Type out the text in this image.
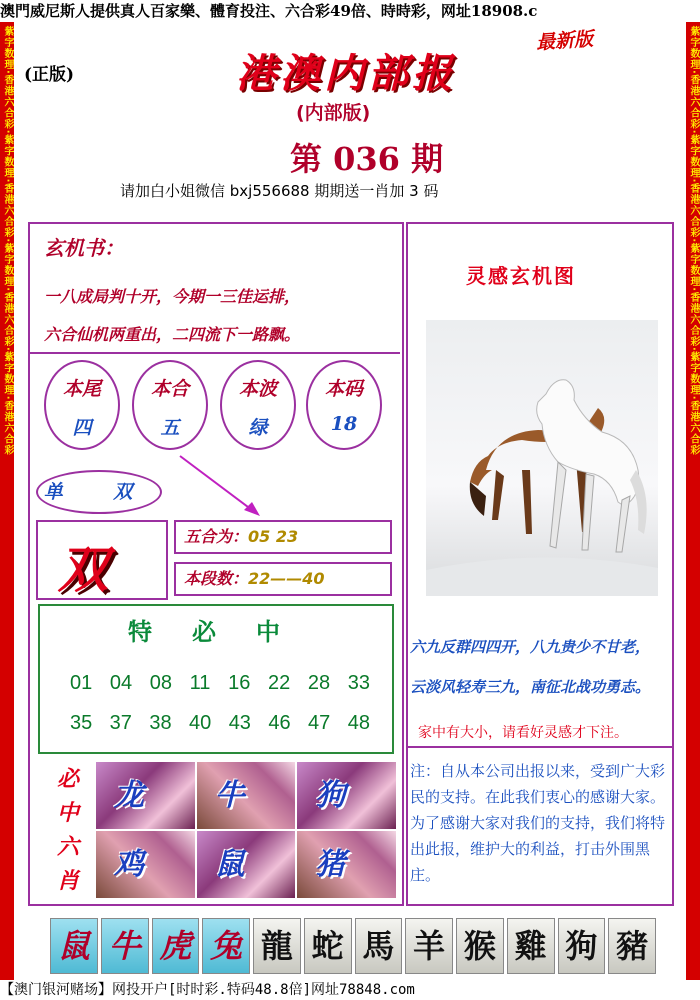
澳門威尼斯人提供真人百家樂、體育投注、六合彩49倍、時時彩，网址18908.c
紫字数理·香港六合彩·紫字数理·香港六合彩·紫字数理·香港六合彩·紫字数理·香港六合彩	紫字数理·香港六合彩·紫字数理·香港六合彩·紫字数理·香港六合彩·紫字数理·香港六合彩
(正版)
最新版
港澳内部报
(内部版)
第 036 期
请加白小姐微信 bxj556688 期期送一肖加 3 码
玄机书：
一八成局判十开，今期一三佳运排，
六合仙机两重出，二四流下一路飘。
本尾
四
本合
五
本波
绿
本码
18
单 双
双
五合为：05 23
本段数：22——40
特必中
01 04 08 11 16 22 28 33
35 37 38 40 43 46 47 48
必
中
六
肖
龙 牛 狗
鸡 鼠 猪
灵感玄机图
六九反群四四开，八九贵少不甘老，
云淡风轻寿三九，南征北战功勇志。
家中有大小，请看好灵感才下注。
注：自从本公司出报以来，受到广大彩民的支持。在此我们衷心的感谢大家。为了感谢大家对我们的支持，我们将特出此报，维护大的利益，打击外围黑庄。
鼠 牛 虎 兔 龍 蛇 馬 羊 猴 雞 狗 豬
【澳门银河赌场】网投开户[时时彩.特码48.8倍]网址78848.com
